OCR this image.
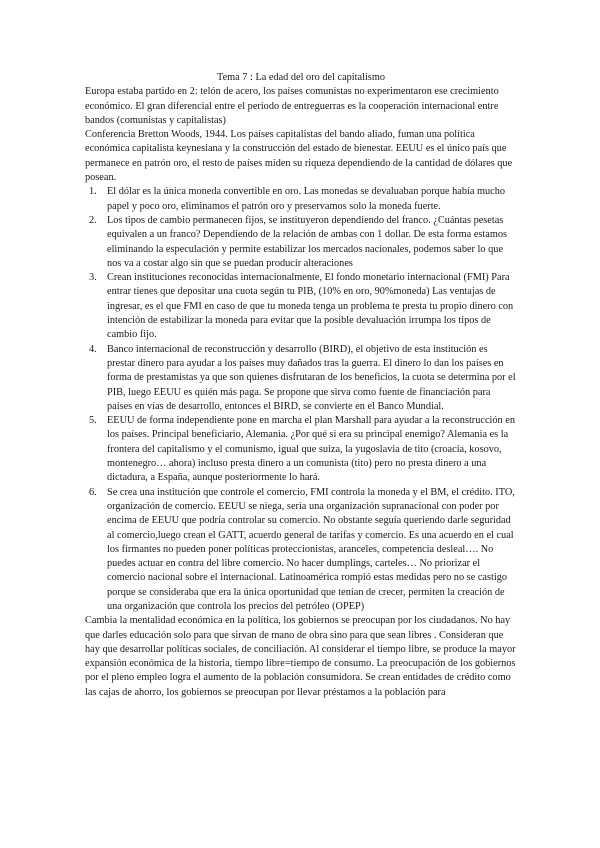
Tema 7 : La edad del oro del capitalismo

Europa estaba partido en 2: telón de acero, los países comunistas no experimentaron ese crecimiento económico. El gran diferencial entre el periodo de entreguerras es la cooperación internacional entre bandos (comunistas y capitalistas)

Conferencia Bretton Woods, 1944. Los países capitalistas del bando aliado, fuman una política económica capitalista keynesiana y la construcción del estado de bienestar. EEUU es el único país que permanece en patrón oro, el resto de países miden su riqueza dependiendo de la cantidad de dólares que posean.

1. El dólar es la única moneda convertible en oro. Las monedas se devaluaban porque había mucho papel y poco oro, eliminamos el patrón oro y preservamos solo la moneda fuerte.
2. Los tipos de cambio permanecen fijos, se instituyeron dependiendo del franco. ¿Cuántas pesetas equivalen a un franco? Dependiendo de la relación de ambas con 1 dollar. De esta forma estamos eliminando la especulación y permite estabilizar los mercados nacionales, podemos saber lo que nos va a costar algo sin que se puedan producir alteraciones
3. Crean instituciones reconocidas internacionalmente, El fondo monetario internacional (FMI) Para entrar tienes que depositar una cuota según tu PIB, (10% en oro, 90%moneda) Las ventajas de ingresar, es el que FMI en caso de que tu moneda tenga un problema te presta tu propio dinero con intención de estabilizar la moneda para evitar que la posible devaluación irrumpa los tipos de cambio fijo.
4. Banco internacional de reconstrucción y desarrollo (BIRD), el objetivo de esta institución es prestar dinero para ayudar a los países muy dañados tras la guerra. El dinero lo dan los países en forma de prestamistas ya que son quienes disfrutaran de los beneficios, la cuota se determina por el PIB, luego EEUU es quién más paga. Se propone que sirva como fuente de financiación para países en vías de desarrollo, entonces el BIRD, se convierte en el Banco Mundial.
5. EEUU de forma independiente pone en marcha el plan Marshall para ayudar a la reconstrucción en los países. Principal beneficiario, Alemania. ¿Por qué si era su principal enemigo? Alemania es la frontera del capitalismo y el comunismo, igual que suiza, la yugoslavia de tito (croacia, kosovo, montenegro… ahora) incluso presta dinero a un comunista (tito) pero no presta dinero a una dictadura, a España, aunque posteriormente lo hará.
6. Se crea una institución que controle el comercio, FMI controla la moneda y el BM, el crédito. ITO, organización de comercio. EEUU se niega, sería una organización supranacional con poder por encima de EEUU que podría controlar su comercio. No obstante seguía queriendo darle seguridad al comercio,luego crean el GATT, acuerdo general de tarifas y comercio. Es una acuerdo en el cual los firmantes no pueden poner políticas proteccionistas, aranceles, competencia desleal…. No puedes actuar en contra del libre comercio. No hacer dumplings, carteles… No priorizar el comercio nacional sobre el internacional. Latinoamérica rompió estas medidas pero no se castigo porque se consideraba que era la única oportunidad que tenían de crecer, permiten la creación de una organización que controla los precios del petróleo (OPEP)

Cambia la mentalidad económica en la política, los gobiernos se preocupan por los ciudadanos. No hay que darles educación solo para que sirvan de mano de obra sino para que sean libres . Consideran que hay que desarrollar políticas sociales, de conciliación. Al considerar el tiempo libre, se produce la mayor expansión económica de la historia, tiempo libre=tiempo de consumo. La preocupación de los gobiernos por el pleno empleo logra el aumento de la población consumidora. Se crean entidades de crédito como las cajas de ahorro, los gobiernos se preocupan por llevar préstamos a la población para
